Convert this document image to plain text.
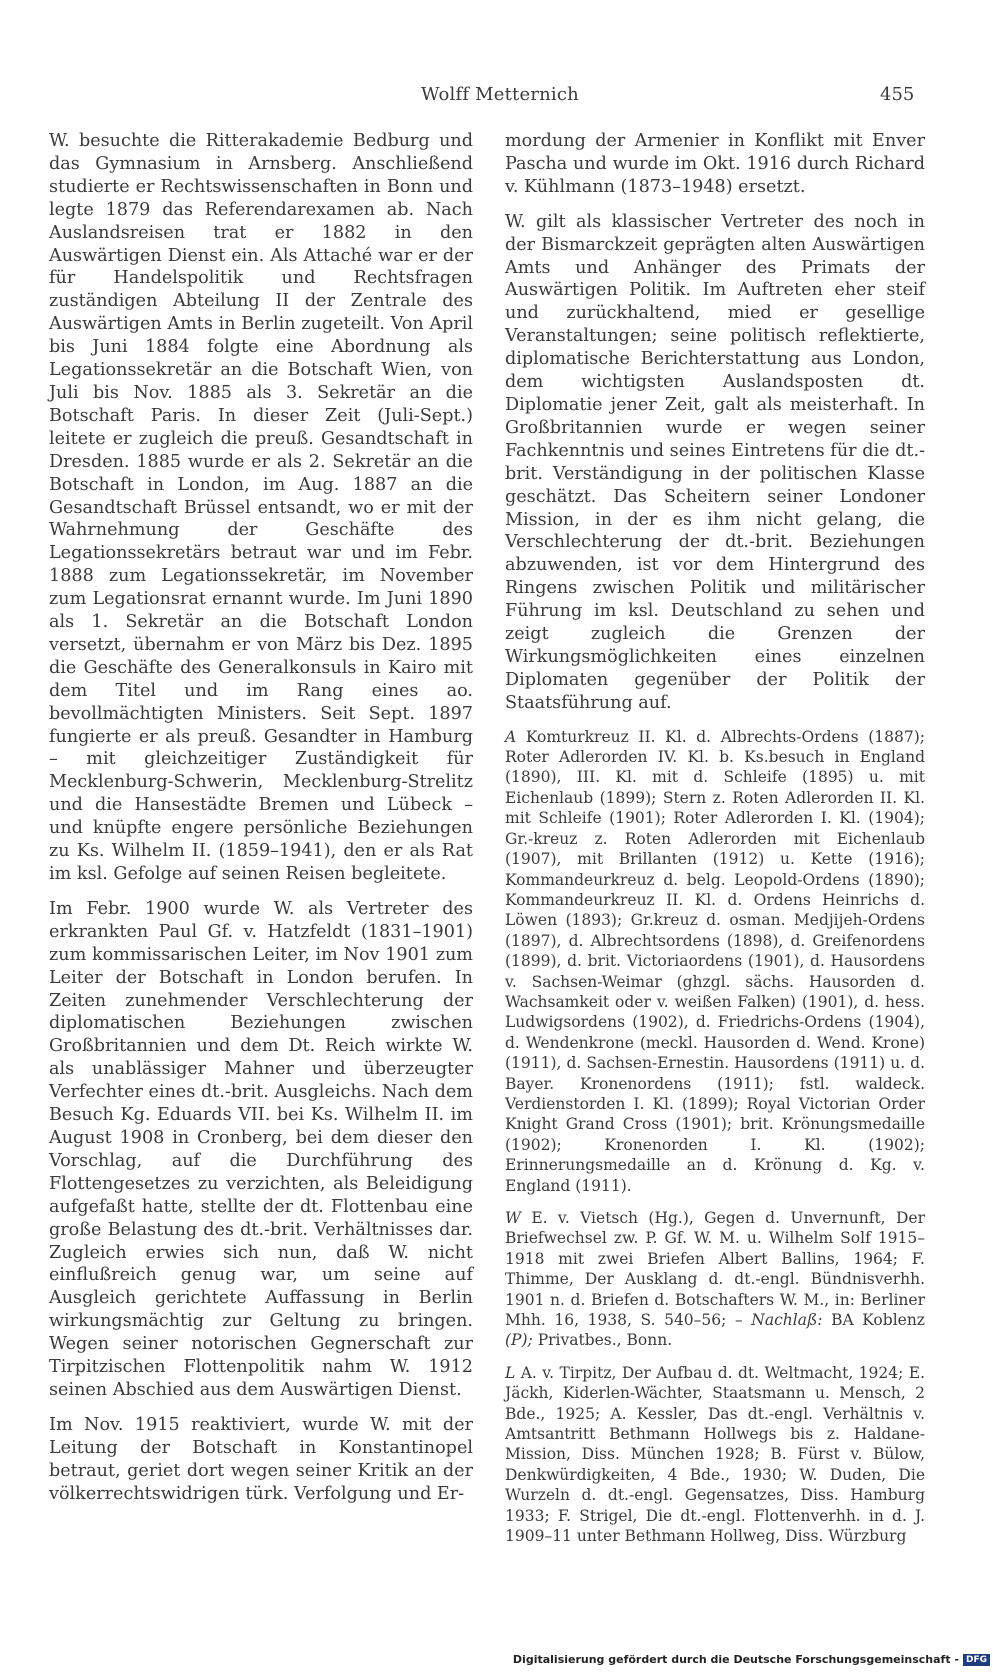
Wolff Metternich	455

W. besuchte die Ritterakademie Bedburg und das Gymnasium in Arnsberg. Anschließend studierte er Rechtswissenschaften in Bonn und legte 1879 das Referendarexamen ab. Nach Auslandsreisen trat er 1882 in den Auswärtigen Dienst ein. Als Attaché war er der für Handelspolitik und Rechtsfragen zuständigen Abteilung II der Zentrale des Auswärtigen Amts in Berlin zugeteilt. Von April bis Juni 1884 folgte eine Abordnung als Legationssekretär an die Botschaft Wien, von Juli bis Nov. 1885 als 3. Sekretär an die Botschaft Paris. In dieser Zeit (Juli-Sept.) leitete er zugleich die preuß. Gesandtschaft in Dresden. 1885 wurde er als 2. Sekretär an die Botschaft in London, im Aug. 1887 an die Gesandtschaft Brüssel entsandt, wo er mit der Wahrnehmung der Geschäfte des Legationssekretärs betraut war und im Febr. 1888 zum Legationssekretär, im November zum Legationsrat ernannt wurde. Im Juni 1890 als 1. Sekretär an die Botschaft London versetzt, übernahm er von März bis Dez. 1895 die Geschäfte des Generalkonsuls in Kairo mit dem Titel und im Rang eines ao. bevollmächtigten Ministers. Seit Sept. 1897 fungierte er als preuß. Gesandter in Hamburg – mit gleichzeitiger Zuständigkeit für Mecklenburg-Schwerin, Mecklenburg-Strelitz und die Hansestädte Bremen und Lübeck – und knüpfte engere persönliche Beziehungen zu Ks. Wilhelm II. (1859–1941), den er als Rat im ksl. Gefolge auf seinen Reisen begleitete.

Im Febr. 1900 wurde W. als Vertreter des erkrankten Paul Gf. v. Hatzfeldt (1831–1901) zum kommissarischen Leiter, im Nov 1901 zum Leiter der Botschaft in London berufen. In Zeiten zunehmender Verschlechterung der diplomatischen Beziehungen zwischen Großbritannien und dem Dt. Reich wirkte W. als unablässiger Mahner und überzeugter Verfechter eines dt.-brit. Ausgleichs. Nach dem Besuch Kg. Eduards VII. bei Ks. Wilhelm II. im August 1908 in Cronberg, bei dem dieser den Vorschlag, auf die Durchführung des Flottengesetzes zu verzichten, als Beleidigung aufgefaßt hatte, stellte der dt. Flottenbau eine große Belastung des dt.-brit. Verhältnisses dar. Zugleich erwies sich nun, daß W. nicht einflußreich genug war, um seine auf Ausgleich gerichtete Auffassung in Berlin wirkungsmächtig zur Geltung zu bringen. Wegen seiner notorischen Gegnerschaft zur Tirpitzischen Flottenpolitik nahm W. 1912 seinen Abschied aus dem Auswärtigen Dienst.

Im Nov. 1915 reaktiviert, wurde W. mit der Leitung der Botschaft in Konstantinopel betraut, geriet dort wegen seiner Kritik an der völkerrechtswidrigen türk. Verfolgung und Er-

mordung der Armenier in Konflikt mit Enver Pascha und wurde im Okt. 1916 durch Richard v. Kühlmann (1873–1948) ersetzt.

W. gilt als klassischer Vertreter des noch in der Bismarckzeit geprägten alten Auswärtigen Amts und Anhänger des Primats der Auswärtigen Politik. Im Auftreten eher steif und zurückhaltend, mied er gesellige Veranstaltungen; seine politisch reflektierte, diplomatische Berichterstattung aus London, dem wichtigsten Auslandsposten dt. Diplomatie jener Zeit, galt als meisterhaft. In Großbritannien wurde er wegen seiner Fachkenntnis und seines Eintretens für die dt.-brit. Verständigung in der politischen Klasse geschätzt. Das Scheitern seiner Londoner Mission, in der es ihm nicht gelang, die Verschlechterung der dt.-brit. Beziehungen abzuwenden, ist vor dem Hintergrund des Ringens zwischen Politik und militärischer Führung im ksl. Deutschland zu sehen und zeigt zugleich die Grenzen der Wirkungsmöglichkeiten eines einzelnen Diplomaten gegenüber der Politik der Staatsführung auf.

A Komturkreuz II. Kl. d. Albrechts-Ordens (1887); Roter Adlerorden IV. Kl. b. Ks.besuch in England (1890), III. Kl. mit d. Schleife (1895) u. mit Eichenlaub (1899); Stern z. Roten Adlerorden II. Kl. mit Schleife (1901); Roter Adlerorden I. Kl. (1904); Gr.-kreuz z. Roten Adlerorden mit Eichenlaub (1907), mit Brillanten (1912) u. Kette (1916); Kommandeurkreuz d. belg. Leopold-Ordens (1890); Kommandeurkreuz II. Kl. d. Ordens Heinrichs d. Löwen (1893); Gr.kreuz d. osman. Medjijeh-Ordens (1897), d. Albrechtsordens (1898), d. Greifenordens (1899), d. brit. Victoriaordens (1901), d. Hausordens v. Sachsen-Weimar (ghzgl. sächs. Hausorden d. Wachsamkeit oder v. weißen Falken) (1901), d. hess. Ludwigsordens (1902), d. Friedrichs-Ordens (1904), d. Wendenkrone (meckl. Hausorden d. Wend. Krone) (1911), d. Sachsen-Ernestin. Hausordens (1911) u. d. Bayer. Kronenordens (1911); fstl. waldeck. Verdienstorden I. Kl. (1899); Royal Victorian Order Knight Grand Cross (1901); brit. Krönungsmedaille (1902); Kronenorden I. Kl. (1902); Erinnerungsmedaille an d. Krönung d. Kg. v. England (1911).

W E. v. Vietsch (Hg.), Gegen d. Unvernunft, Der Briefwechsel zw. P. Gf. W. M. u. Wilhelm Solf 1915–1918 mit zwei Briefen Albert Ballins, 1964; F. Thimme, Der Ausklang d. dt.-engl. Bündnisverhh. 1901 n. d. Briefen d. Botschafters W. M., in: Berliner Mhh. 16, 1938, S. 540–56; – Nachlaß: BA Koblenz (P); Privatbes., Bonn.

L A. v. Tirpitz, Der Aufbau d. dt. Weltmacht, 1924; E. Jäckh, Kiderlen-Wächter, Staatsmann u. Mensch, 2 Bde., 1925; A. Kessler, Das dt.-engl. Verhältnis v. Amtsantritt Bethmann Hollwegs bis z. Haldane-Mission, Diss. München 1928; B. Fürst v. Bülow, Denkwürdigkeiten, 4 Bde., 1930; W. Duden, Die Wurzeln d. dt.-engl. Gegensatzes, Diss. Hamburg 1933; F. Strigel, Die dt.-engl. Flottenverhh. in d. J. 1909–11 unter Bethmann Hollweg, Diss. Würzburg

Digitalisierung gefördert durch die Deutsche Forschungsgemeinschaft - DFG
